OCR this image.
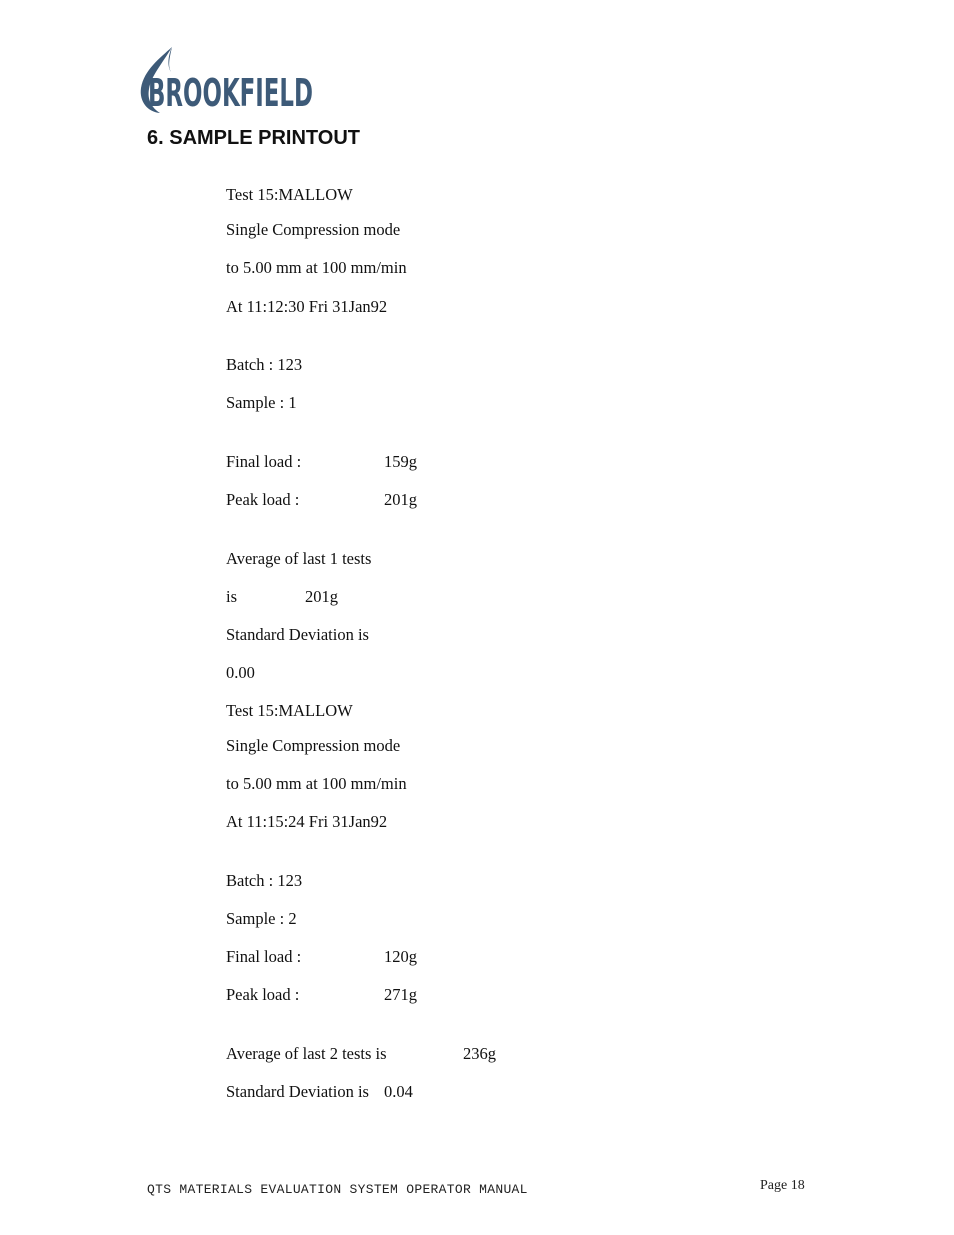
BROOKFIELD
6. SAMPLE PRINTOUT
Test 15:MALLOW
Single Compression mode
to 5.00 mm at 100 mm/min
At 11:12:30 Fri 31Jan92
Batch : 123
Sample : 1
Final load :	159g
Peak load :	201g
Average of last 1 tests
is	201g
Standard Deviation is
0.00
Test 15:MALLOW
Single Compression mode
to 5.00 mm at 100 mm/min
At 11:15:24 Fri 31Jan92
Batch : 123
Sample : 2
Final load :	120g
Peak load :	271g
Average of last 2 tests is	236g
Standard Deviation is 0.04
QTS MATERIALS EVALUATION SYSTEM OPERATOR MANUAL	Page 18
